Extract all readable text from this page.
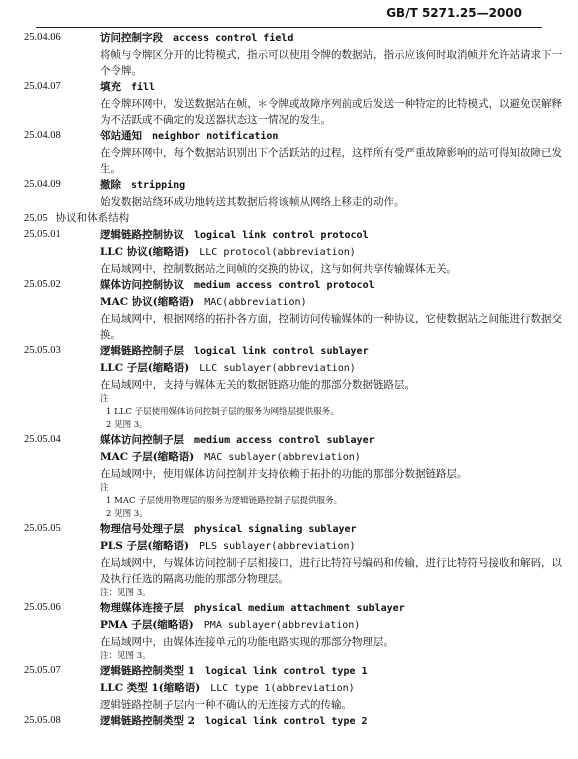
GB/T 5271.25—2000
25.04.06	访问控制字段 access control field
将帧与令牌区分开的比特模式，指示可以使用令牌的数据站，指示应该何时取消帧并允许站请求下一个令牌。
25.04.07	填充 fill
在令牌环网中，发送数据站在帧、＊令牌或故障序列前或后发送一种特定的比特模式，以避免误解释为不活跃或不确定的发送器状态这一情况的发生。
25.04.08	邻站通知 neighbor notification
在令牌环网中，每个数据站识别出下个活跃站的过程，这样所有受严重故障影响的站可得知故障已发生。
25.04.09	撤除 stripping
始发数据站绕环成功地转送其数据后将该帧从网络上移走的动作。
25.05 协议和体系结构
25.05.01	逻辑链路控制协议 logical link control protocol
LLC 协议(缩略语) LLC protocol(abbreviation)
在局域网中，控制数据站之间帧的交换的协议，这与如何共享传输媒体无关。
25.05.02	媒体访问控制协议 medium access control protocol
MAC 协议(缩略语) MAC(abbreviation)
在局域网中，根据网络的拓扑各方面，控制访问传输媒体的一种协议，它使数据站之间能进行数据交换。
25.05.03	逻辑链路控制子层 logical link control sublayer
LLC 子层(缩略语) LLC sublayer(abbreviation)
在局域网中，支持与媒体无关的数据链路功能的那部分数据链路层。
注
1 LLC 子层使用媒体访问控制子层的服务为网络层提供服务。
2 见图 3。
25.05.04	媒体访问控制子层 medium access control sublayer
MAC 子层(缩略语) MAC sublayer(abbreviation)
在局域网中，使用媒体访问控制并支持依赖于拓扑的功能的那部分数据链路层。
注
1 MAC 子层使用物理层的服务为逻辑链路控制子层提供服务。
2 见图 3。
25.05.05	物理信号处理子层 physical signaling sublayer
PLS 子层(缩略语) PLS sublayer(abbreviation)
在局域网中，与媒体访问控制子层相接口，进行比特符号编码和传输，进行比特符号接收和解码，以及执行任选的隔离功能的那部分物理层。
注：见图 3。
25.05.06	物理媒体连接子层 physical medium attachment sublayer
PMA 子层(缩略语) PMA sublayer(abbreviation)
在局域网中，由媒体连接单元的功能电路实现的那部分物理层。
注：见图 3。
25.05.07	逻辑链路控制类型 1 logical link control type 1
LLC 类型 1(缩略语) LLC type 1(abbreviation)
逻辑链路控制子层内一种不确认的无连接方式的传输。
25.05.08	逻辑链路控制类型 2 logical link control type 2
